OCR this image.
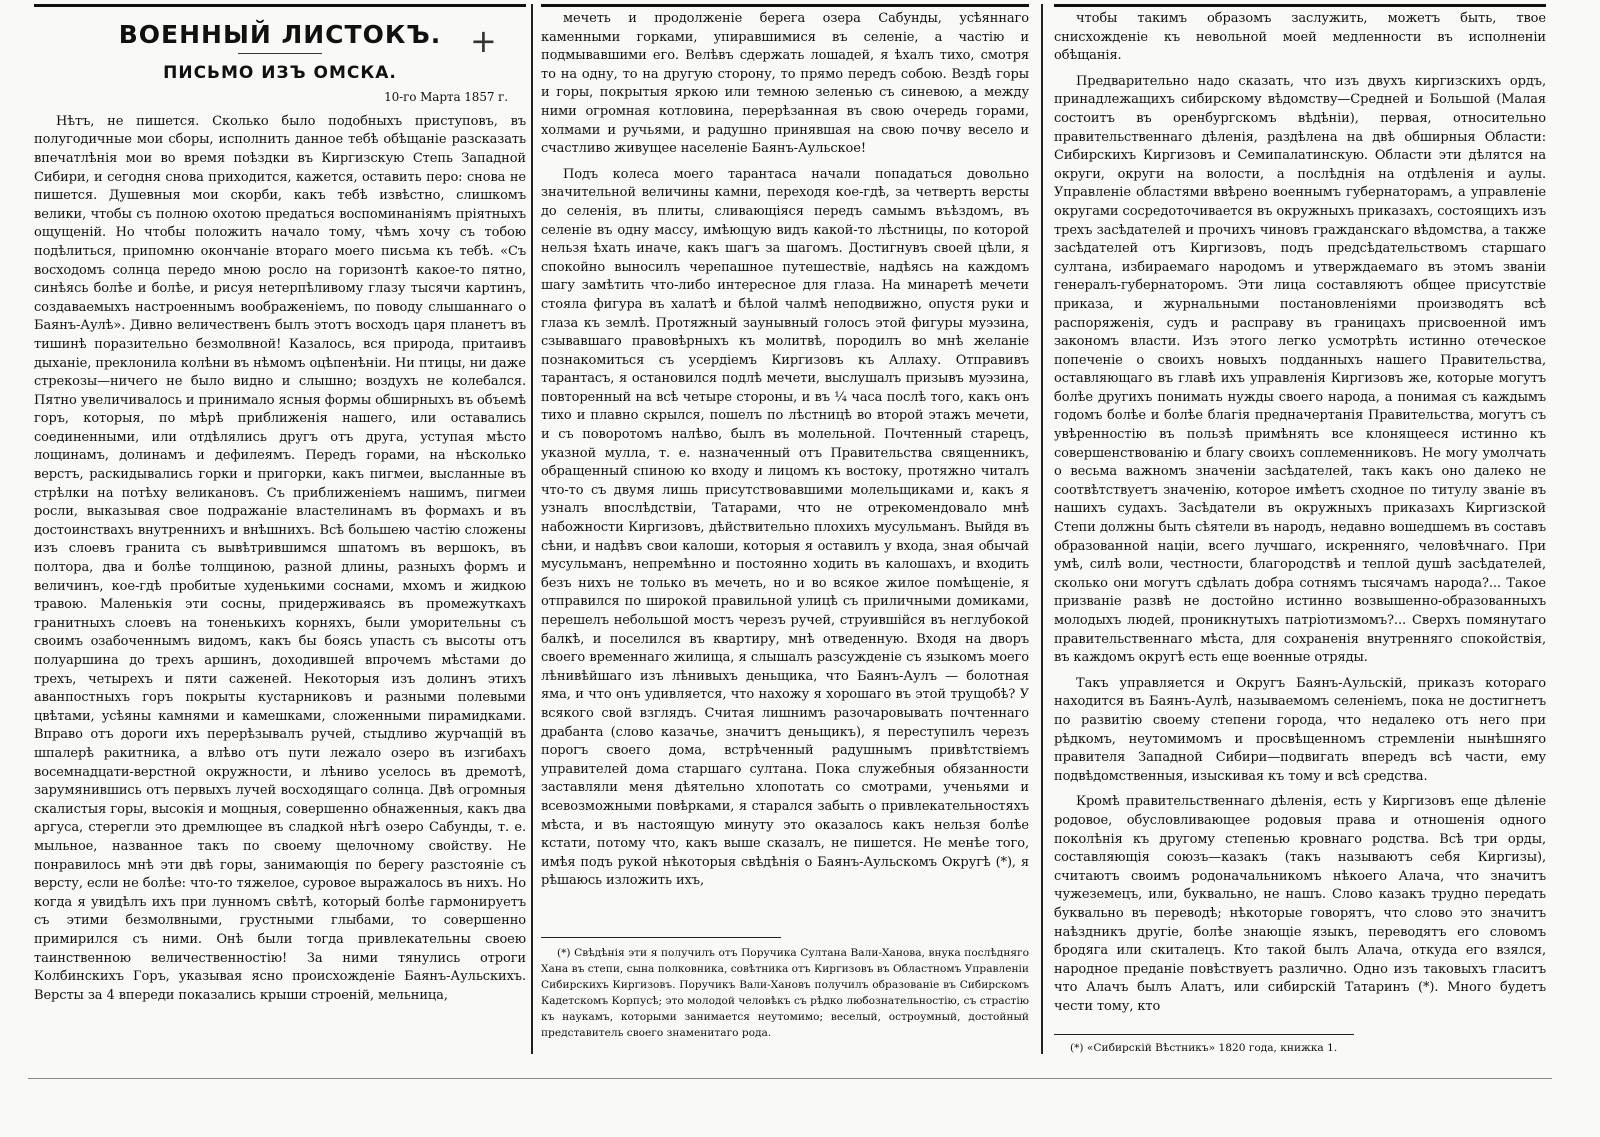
+
ВОЕННЫЙ ЛИСТОКЪ.
ПИСЬМО ИЗЪ ОМСКА.
10-го Марта 1857 г.

Нѣтъ, не пишется. Сколько было подобныхъ приступовъ, въ полугодичные мои сборы, исполнить данное тебѣ обѣщаніе разсказать впечатлѣнія мои во время поѣздки въ Киргизскую Степь Западной Сибири, и сегодня снова приходится, кажется, оставить перо: снова не пишется. Душевныя мои скорби, какъ тебѣ извѣстно, слишкомъ велики, чтобы съ полною охотою предаться воспоминаніямъ пріятныхъ ощущеній. Но чтобы положить начало тому, чѣмъ хочу съ тобою подѣлиться, припомню окончаніе втораго моего письма къ тебѣ. «Съ восходомъ солнца передо мною росло на горизонтѣ какое-то пятно, синѣясь болѣе и болѣе, и рисуя нетерпѣливому глазу тысячи картинъ, создаваемыхъ настроеннымъ воображеніемъ, по поводу слышаннаго о Баянъ-Аулѣ». Дивно величественъ былъ этотъ восходъ царя планетъ въ тишинѣ поразительно безмолвной! Казалось, вся природа, притаивъ дыханіе, преклонила колѣни въ нѣмомъ оцѣпенѣніи. Ни птицы, ни даже стрекозы—ничего не было видно и слышно; воздухъ не колебался. Пятно увеличивалось и принимало ясныя формы обширныхъ въ объемѣ горъ, которыя, по мѣрѣ приближенія нашего, или оставались соединенными, или отдѣлялись другъ отъ друга, уступая мѣсто лощинамъ, долинамъ и дефилеямъ. Передъ горами, на нѣсколько верстъ, раскидывались горки и пригорки, какъ пигмеи, высланные въ стрѣлки на потѣху великановъ. Съ приближеніемъ нашимъ, пигмеи росли, выказывая свое подражаніе властелинамъ въ формахъ и въ достоинствахъ внутреннихъ и внѣшнихъ. Всѣ большею частію сложены изъ слоевъ гранита съ вывѣтрившимся шпатомъ въ вершокъ, въ полтора, два и болѣе толщиною, разной длины, разныхъ формъ и величинъ, кое-гдѣ пробитые худенькими соснами, мхомъ и жидкою травою. Маленькія эти сосны, придерживаясь въ промежуткахъ гранитныхъ слоевъ на тоненькихъ корняхъ, были уморительны съ своимъ озабоченнымъ видомъ, какъ бы боясь упасть съ высоты отъ полуаршина до трехъ аршинъ, доходившей впрочемъ мѣстами до трехъ, четырехъ и пяти саженей. Некоторыя изъ долинъ этихъ аванпостныхъ горъ покрыты кустарниковъ и разными полевыми цвѣтами, усѣяны камнями и камешками, сложенными пирамидками. Вправо отъ дороги ихъ перерѣзывалъ ручей, стыдливо журчащій въ шпалерѣ ракитника, а влѣво отъ пути лежало озеро въ изгибахъ восемнадцати-верстной окружности, и лѣниво уселось въ дремотѣ, зарумянившись отъ первыхъ лучей восходящаго солнца. Двѣ огромныя скалистыя горы, высокія и мощныя, совершенно обнаженныя, какъ два аргуса, стерегли это дремлющее въ сладкой нѣгѣ озеро Сабунды, т. е. мыльное, названное такъ по своему щелочному свойству. Не понравилось мнѣ эти двѣ горы, занимающія по берегу разстояніе съ версту, если не болѣе: что-то тяжелое, суровое выражалось въ нихъ. Но когда я увидѣлъ ихъ при лунномъ свѣтѣ, который болѣе гармонируетъ съ этими безмолвными, грустными глыбами, то совершенно примирился съ ними. Онѣ были тогда привлекательны своею таинственною величественностію! За ними тянулись отроги Колбинскихъ Горъ, указывая ясно происхожденіе Баянъ-Аульскихъ. Версты за 4 впереди показались крыши строеній, мельница,

мечеть и продолженіе берега озера Сабунды, усѣяннаго каменными горками, упиравшимися въ селеніе, а частію и подмывавшими его. Велѣвъ сдержать лошадей, я ѣхалъ тихо, смотря то на одну, то на другую сторону, то прямо передъ собою. Вездѣ горы и горы, покрытыя яркою или темною зеленью съ синевою, а между ними огромная котловина, перерѣзанная въ свою очередь горами, холмами и ручьями, и радушно принявшая на свою почву весело и счастливо живущее населеніе Баянъ-Аульское!

Подъ колеса моего тарантаса начали попадаться довольно значительной величины камни, переходя кое-гдѣ, за четверть версты до селенія, въ плиты, сливающіяся передъ самымъ въѣздомъ, въ селеніе въ одну массу, имѣющую видъ какой-то лѣстницы, по которой нельзя ѣхать иначе, какъ шагъ за шагомъ. Достигнувъ своей цѣли, я спокойно выносилъ черепашное путешествіе, надѣясь на каждомъ шагу замѣтить что-либо интересное для глаза. На минаретѣ мечети стояла фигура въ халатѣ и бѣлой чалмѣ неподвижно, опустя руки и глаза къ землѣ. Протяжный заунывный голосъ этой фигуры муэзина, сзывавшаго правовѣрныхъ къ молитвѣ, породилъ во мнѣ желаніе познакомиться съ усердіемъ Киргизовъ къ Аллаху. Отправивъ тарантасъ, я остановился подлѣ мечети, выслушалъ призывъ муэзина, повторенный на всѣ четыре стороны, и въ ¼ часа послѣ того, какъ онъ тихо и плавно скрылся, пошелъ по лѣстницѣ во второй этажъ мечети, и съ поворотомъ налѣво, былъ въ молельной. Почтенный старецъ, указной мулла, т. е. назначенный отъ Правительства священникъ, обращенный спиною ко входу и лицомъ къ востоку, протяжно читалъ что-то съ двумя лишь присутствовавшими молельщиками и, какъ я узналъ впослѣдствіи, Татарами, что не отрекомендовало мнѣ набожности Киргизовъ, дѣйствительно плохихъ мусульманъ. Выйдя въ сѣни, и надѣвъ свои калоши, которыя я оставилъ у входа, зная обычай мусульманъ, непремѣнно и постоянно ходить въ калошахъ, и входить безъ нихъ не только въ мечеть, но и во всякое жилое помѣщеніе, я отправился по широкой правильной улицѣ съ приличными домиками, перешелъ небольшой мостъ черезъ ручей, струившійся въ неглубокой балкѣ, и поселился въ квартиру, мнѣ отведенную. Входя на дворъ своего временнаго жилища, я слышалъ разсужденіе съ языкомъ моего лѣнивѣйшаго изъ лѣнивыхъ деньщика, что Баянъ-Аулъ — болотная яма, и что онъ удивляется, что нахожу я хорошаго въ этой трущобѣ? У всякого свой взглядъ. Считая лишнимъ разочаровывать почтеннаго драбанта (слово казачье, значитъ деньщикъ), я переступилъ черезъ порогъ своего дома, встрѣченный радушнымъ привѣтствіемъ управителей дома старшаго султана. Пока служебныя обязанности заставляли меня дѣятельно хлопотать со смотрами, ученьями и всевозможными повѣрками, я старался забыть о привлекательностяхъ мѣста, и въ настоящую минуту это оказалось какъ нельзя болѣе кстати, потому что, какъ выше сказалъ, не пишется. Не менѣе того, имѣя подъ рукой нѣкоторыя свѣдѣнія о Баянъ-Аульскомъ Округѣ (*), я рѣшаюсь изложить ихъ,

(*) Свѣдѣнія эти я получилъ отъ Поручика Султана Вали-Ханова, внука послѣдняго Хана въ степи, сына полковника, совѣтника отъ Киргизовъ въ Областномъ Управленіи Сибирскихъ Киргизовъ. Поручикъ Вали-Хановъ получилъ образованіе въ Сибирскомъ Кадетскомъ Корпусѣ; это молодой человѣкъ съ рѣдко любознательностію, съ страстію къ наукамъ, которыми занимается неутомимо; веселый, остроумный, достойный представитель своего знаменитаго рода.

чтобы такимъ образомъ заслужить, можетъ быть, твое снисхожденіе къ невольной моей медленности въ исполненіи обѣщанія.

Предварительно надо сказать, что изъ двухъ киргизскихъ ордъ, принадлежащихъ сибирскому вѣдомству—Средней и Большой (Малая состоитъ въ оренбургскомъ вѣдѣніи), первая, относительно правительственнаго дѣленія, раздѣлена на двѣ обширныя Области: Сибирскихъ Киргизовъ и Семипалатинскую. Области эти дѣлятся на округи, округи на волости, а послѣднія на отдѣленія и аулы. Управленіе областями ввѣрено военнымъ губернаторамъ, а управленіе округами сосредоточивается въ окружныхъ приказахъ, состоящихъ изъ трехъ засѣдателей и прочихъ чиновъ гражданскаго вѣдомства, а также засѣдателей отъ Киргизовъ, подъ предсѣдательствомъ старшаго султана, избираемаго народомъ и утверждаемаго въ этомъ званіи генералъ-губернаторомъ. Эти лица составляютъ общее присутствіе приказа, и журнальными постановленіями производятъ всѣ распоряженія, судъ и расправу въ границахъ присвоенной имъ закономъ власти. Изъ этого легко усмотрѣть истинно отеческое попеченіе о своихъ новыхъ подданныхъ нашего Правительства, оставляющаго въ главѣ ихъ управленія Киргизовъ же, которые могутъ болѣе другихъ понимать нужды своего народа, а понимая съ каждымъ годомъ болѣе и болѣе благія предначертанія Правительства, могутъ съ увѣренностію въ пользѣ примѣнять все клонящееся истинно къ совершенствованію и благу своихъ соплеменниковъ. Не могу умолчать о весьма важномъ значеніи засѣдателей, такъ какъ оно далеко не соотвѣтствуетъ значенію, которое имѣетъ сходное по титулу званіе въ нашихъ судахъ. Засѣдатели въ окружныхъ приказахъ Киргизской Степи должны быть сѣятели въ народъ, недавно вошедшемъ въ составъ образованной націи, всего лучшаго, искренняго, человѣчнаго. При умѣ, силѣ воли, честности, благородствѣ и теплой душѣ засѣдателей, сколько они могутъ сдѣлать добра сотнямъ тысячамъ народа?... Такое призваніе развѣ не достойно истинно возвышенно-образованныхъ молодыхъ людей, проникнутыхъ патріотизмомъ?... Сверхъ помянутаго правительственнаго мѣста, для сохраненія внутренняго спокойствія, въ каждомъ округѣ есть еще военные отряды.

Такъ управляется и Округъ Баянъ-Аульскій, приказъ котораго находится въ Баянъ-Аулѣ, называемомъ селеніемъ, пока не достигнетъ по развитію своему степени города, что недалеко отъ него при рѣдкомъ, неутомимомъ и просвѣщенномъ стремленіи нынѣшняго правителя Западной Сибири—подвигать впередъ всѣ части, ему подвѣдомственныя, изыскивая къ тому и всѣ средства.

Кромѣ правительственнаго дѣленія, есть у Киргизовъ еще дѣленіе родовое, обусловливающее родовыя права и отношенія одного поколѣнія къ другому степенью кровнаго родства. Всѣ три орды, составляющія союзъ—казакъ (такъ называютъ себя Киргизы), считаютъ своимъ родоначальникомъ нѣкоего Алача, что значитъ чужеземецъ, или, буквально, не нашъ. Слово казакъ трудно передать буквально въ переводѣ; нѣкоторые говорятъ, что слово это значитъ наѣздникъ другіе, болѣе знающіе языкъ, переводятъ его словомъ бродяга или скиталецъ. Кто такой былъ Алача, откуда его взялся, народное преданіе повѣствуетъ различно. Одно изъ таковыхъ гласитъ что Алачъ былъ Алатъ, или сибирскій Татаринъ (*). Много будетъ чести тому, кто

(*) «Сибирскій Вѣстникъ» 1820 года, книжка 1.
